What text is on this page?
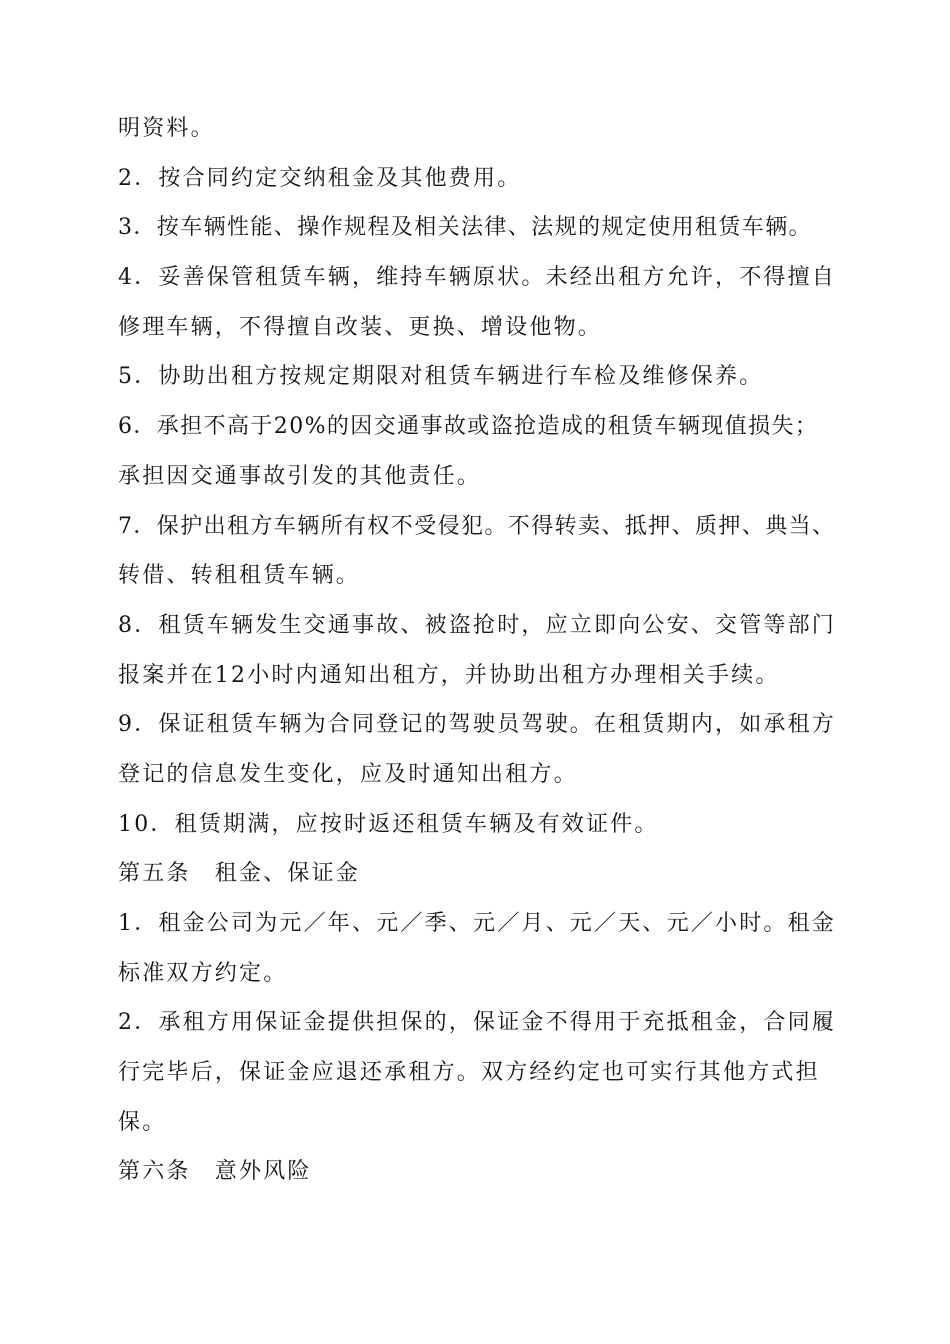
明资料。
2．按合同约定交纳租金及其他费用。
3．按车辆性能、操作规程及相关法律、法规的规定使用租赁车辆。
4．妥善保管租赁车辆，维持车辆原状。未经出租方允许，不得擅自
修理车辆，不得擅自改装、更换、增设他物。
5．协助出租方按规定期限对租赁车辆进行车检及维修保养。
6．承担不高于20%的因交通事故或盗抢造成的租赁车辆现值损失；
承担因交通事故引发的其他责任。
7．保护出租方车辆所有权不受侵犯。不得转卖、抵押、质押、典当、
转借、转租租赁车辆。
8．租赁车辆发生交通事故、被盗抢时，应立即向公安、交管等部门
报案并在12小时内通知出租方，并协助出租方办理相关手续。
9．保证租赁车辆为合同登记的驾驶员驾驶。在租赁期内，如承租方
登记的信息发生变化，应及时通知出租方。
10．租赁期满，应按时返还租赁车辆及有效证件。
第五条　租金、保证金
1．租金公司为元／年、元／季、元／月、元／天、元／小时。租金
标准双方约定。
2．承租方用保证金提供担保的，保证金不得用于充抵租金，合同履
行完毕后，保证金应退还承租方。双方经约定也可实行其他方式担
保。
第六条　意外风险
